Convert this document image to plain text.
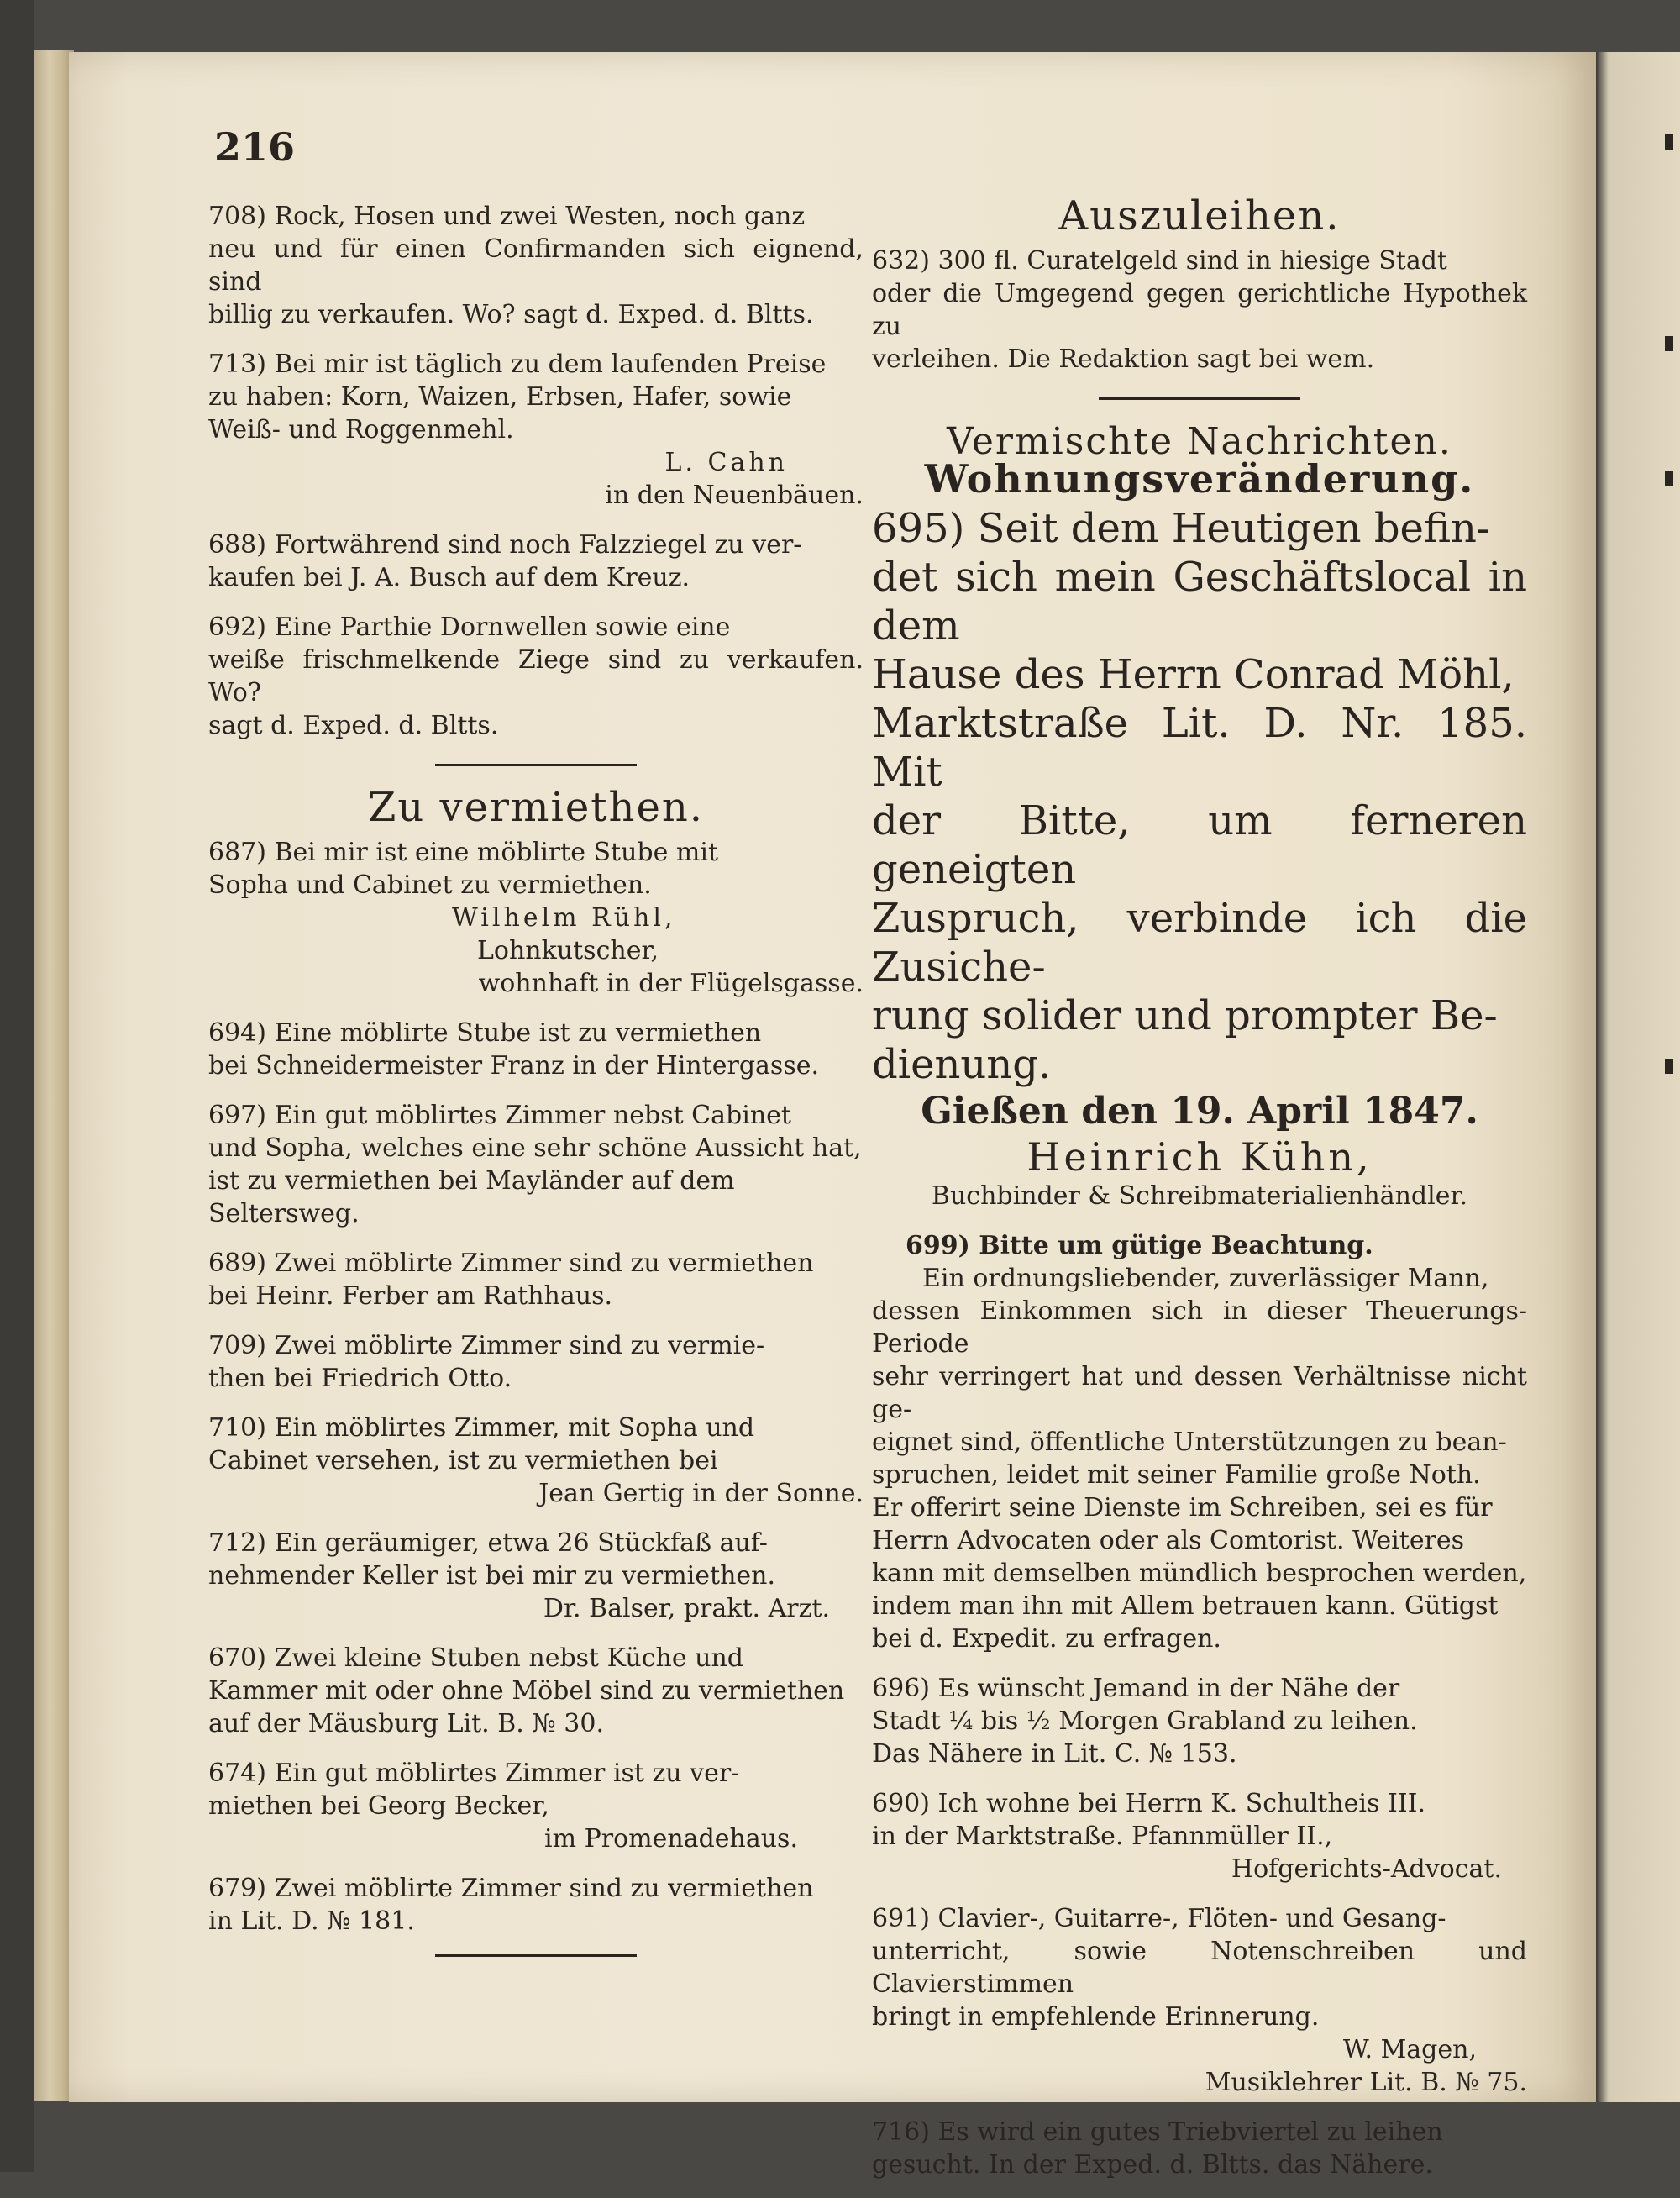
216
708) Rock, Hosen und zwei Westen, noch ganz
neu und für einen Confirmanden sich eignend, sind
billig zu verkaufen. Wo? sagt d. Exped. d. Bltts.
713) Bei mir ist täglich zu dem laufenden Preise
zu haben: Korn, Waizen, Erbsen, Hafer, sowie
Weiß- und Roggenmehl.
L. Cahn
in den Neuenbäuen.
688) Fortwährend sind noch Falzziegel zu ver-
kaufen bei J. A. Busch auf dem Kreuz.
692) Eine Parthie Dornwellen sowie eine
weiße frischmelkende Ziege sind zu verkaufen. Wo?
sagt d. Exped. d. Bltts.
Zu vermiethen.
687) Bei mir ist eine möblirte Stube mit
Sopha und Cabinet zu vermiethen.
Wilhelm Rühl,
Lohnkutscher,
wohnhaft in der Flügelsgasse.
694) Eine möblirte Stube ist zu vermiethen
bei Schneidermeister Franz in der Hintergasse.
697) Ein gut möblirtes Zimmer nebst Cabinet
und Sopha, welches eine sehr schöne Aussicht hat,
ist zu vermiethen bei Mayländer auf dem
Seltersweg.
689) Zwei möblirte Zimmer sind zu vermiethen
bei Heinr. Ferber am Rathhaus.
709) Zwei möblirte Zimmer sind zu vermie-
then bei Friedrich Otto.
710) Ein möblirtes Zimmer, mit Sopha und
Cabinet versehen, ist zu vermiethen bei
Jean Gertig in der Sonne.
712) Ein geräumiger, etwa 26 Stückfaß auf-
nehmender Keller ist bei mir zu vermiethen.
Dr. Balser, prakt. Arzt.
670) Zwei kleine Stuben nebst Küche und
Kammer mit oder ohne Möbel sind zu vermiethen
auf der Mäusburg Lit. B. № 30.
674) Ein gut möblirtes Zimmer ist zu ver-
miethen bei Georg Becker,
im Promenadehaus.
679) Zwei möblirte Zimmer sind zu vermiethen
in Lit. D. № 181.
Auszuleihen.
632) 300 fl. Curatelgeld sind in hiesige Stadt
oder die Umgegend gegen gerichtliche Hypothek zu
verleihen. Die Redaktion sagt bei wem.
Vermischte Nachrichten.
Wohnungsveränderung.
695) Seit dem Heutigen befin-
det sich mein Geschäftslocal in dem
Hause des Herrn Conrad Möhl,
Marktstraße Lit. D. Nr. 185. Mit
der Bitte, um ferneren geneigten
Zuspruch, verbinde ich die Zusiche-
rung solider und prompter Be-
dienung.
Gießen den 19. April 1847.
Heinrich Kühn,
Buchbinder & Schreibmaterialienhändler.
699) Bitte um gütige Beachtung.
Ein ordnungsliebender, zuverlässiger Mann,
dessen Einkommen sich in dieser Theuerungs-Periode
sehr verringert hat und dessen Verhältnisse nicht ge-
eignet sind, öffentliche Unterstützungen zu bean-
spruchen, leidet mit seiner Familie große Noth.
Er offerirt seine Dienste im Schreiben, sei es für
Herrn Advocaten oder als Comtorist. Weiteres
kann mit demselben mündlich besprochen werden,
indem man ihn mit Allem betrauen kann. Gütigst
bei d. Expedit. zu erfragen.
696) Es wünscht Jemand in der Nähe der
Stadt ¼ bis ½ Morgen Grabland zu leihen.
Das Nähere in Lit. C. № 153.
690) Ich wohne bei Herrn K. Schultheis III.
in der Marktstraße. Pfannmüller II.,
Hofgerichts-Advocat.
691) Clavier-, Guitarre-, Flöten- und Gesang-
unterricht, sowie Notenschreiben und Clavierstimmen
bringt in empfehlende Erinnerung.
W. Magen,
Musiklehrer Lit. B. № 75.
716) Es wird ein gutes Triebviertel zu leihen
gesucht. In der Exped. d. Bltts. das Nähere.
